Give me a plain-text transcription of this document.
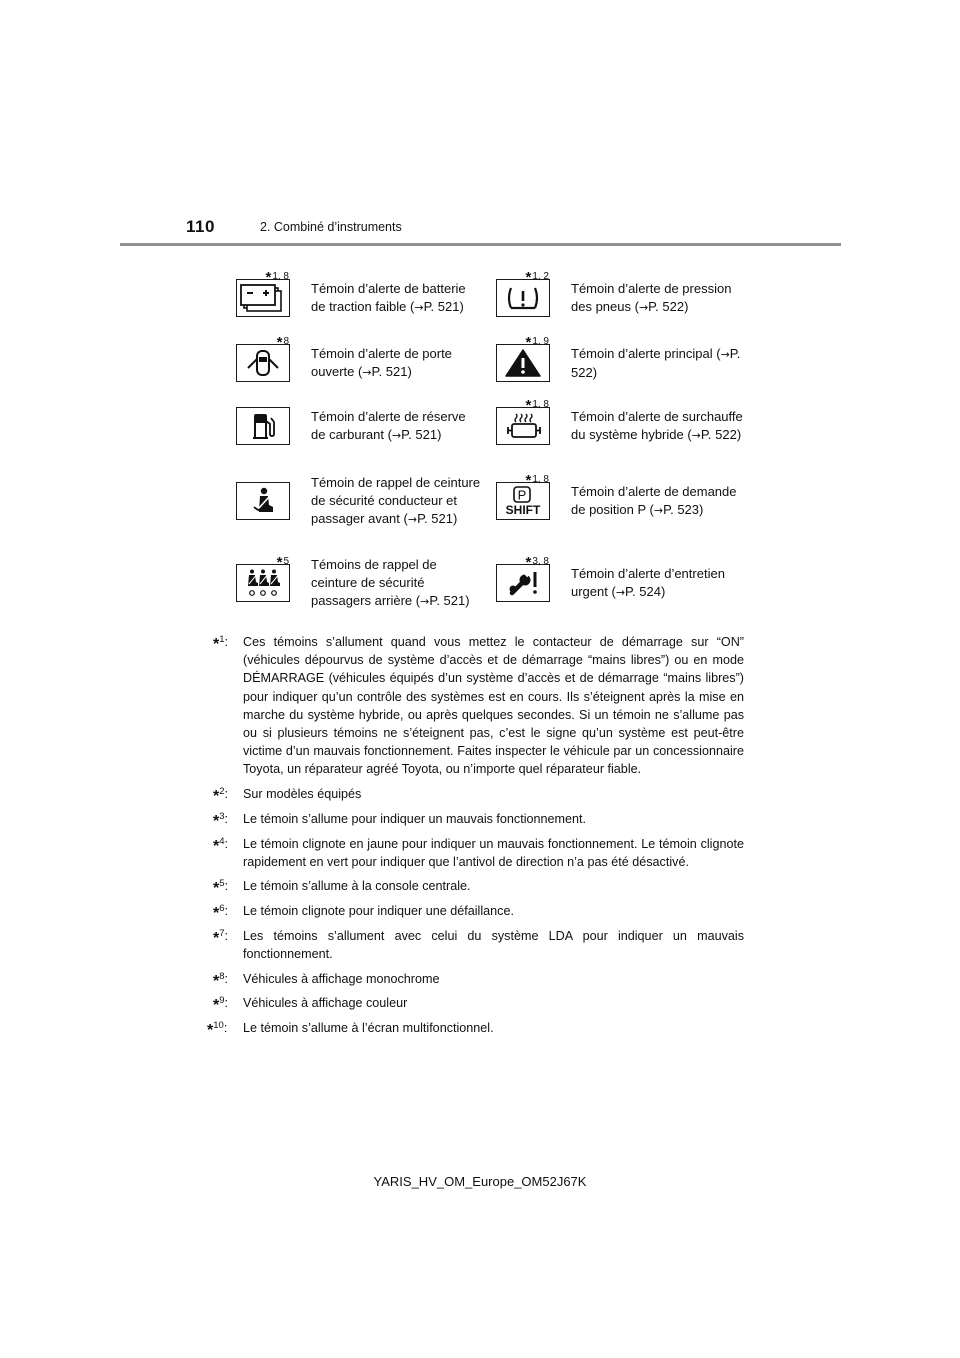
110	2. Combiné d’instruments
*1, 8
Témoin d’alerte de batterie de traction faible (→P. 521)
*1, 2
Témoin d’alerte de pression des pneus (→P. 522)
*8
Témoin d’alerte de porte ouverte (→P. 521)
*1, 9
Témoin d’alerte principal (→P. 522)
Témoin d’alerte de réserve de carburant (→P. 521)
*1, 8
Témoin d’alerte de surchauffe du système hybride (→P. 522)
Témoin de rappel de ceinture de sécurité conducteur et passager avant (→P. 521)
*1, 8
P
SHIFT
Témoin d’alerte de demande de position P (→P. 523)
*5 Témoins de rappel de ceinture de sécurité passagers arrière (→P. 521)
*3, 8
Témoin d’alerte d’entretien urgent (→P. 524)
*$^1$: Ces témoins s’allument quand vous mettez le contacteur de démarrage sur “ON” (véhicules dépourvus de système d’accès et de démarrage “mains libres”) ou en mode DÉMARRAGE (véhicules équipés d’un système d’accès et de démarrage “mains libres”) pour indiquer qu’un contrôle des systèmes est en cours. Ils s’éteignent après la mise en marche du système hybride, ou après quelques secondes. Si un témoin ne s’allume pas ou si plusieurs témoins ne s’éteignent pas, c’est le signe qu’un système est peut-être victime d’un mauvais fonctionnement. Faites inspecter le véhicule par un concessionnaire Toyota, un réparateur agréé Toyota, ou n’importe quel réparateur fiable.
*$^2$: Sur modèles équipés
*$^3$: Le témoin s’allume pour indiquer un mauvais fonctionnement.
*$^4$: Le témoin clignote en jaune pour indiquer un mauvais fonctionnement. Le témoin clignote rapidement en vert pour indiquer que l’antivol de direction n’a pas été désactivé.
*$^5$: Le témoin s’allume à la console centrale.
*$^6$: Le témoin clignote pour indiquer une défaillance.
*$^7$: Les témoins s’allument avec celui du système LDA pour indiquer un mauvais fonctionnement.
*$^8$: Véhicules à affichage monochrome
*$^9$: Véhicules à affichage couleur
*$^{10}$: Le témoin s’allume à l’écran multifonctionnel.
YARIS_HV_OM_Europe_OM52J67K
